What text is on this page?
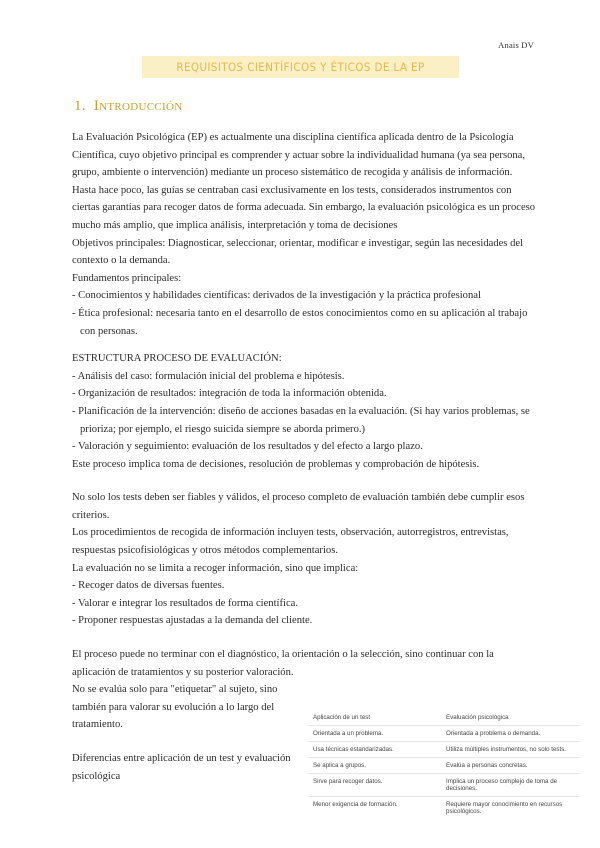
Anais DV
REQUISITOS CIENTÍFICOS Y ÉTICOS DE LA EP
1. Introducción

La Evaluación Psicológica (EP) es actualmente una disciplina científica aplicada dentro de la Psicología Científica, cuyo objetivo principal es comprender y actuar sobre la individualidad humana (ya sea persona, grupo, ambiente o intervención) mediante un proceso sistemático de recogida y análisis de información.

Hasta hace poco, las guías se centraban casi exclusivamente en los tests, considerados instrumentos con ciertas garantías para recoger datos de forma adecuada. Sin embargo, la evaluación psicológica es un proceso mucho más amplio, que implica análisis, interpretación y toma de decisiones

Objetivos principales: Diagnosticar, seleccionar, orientar, modificar e investigar, según las necesidades del contexto o la demanda.

Fundamentos principales:

- Conocimientos y habilidades científicas: derivados de la investigación y la práctica profesional

- Ética profesional: necesaria tanto en el desarrollo de estos conocimientos como en su aplicación al trabajo con personas.

ESTRUCTURA PROCESO DE EVALUACIÓN:

- Análisis del caso: formulación inicial del problema e hipótesis.

- Organización de resultados: integración de toda la información obtenida.

- Planificación de la intervención: diseño de acciones basadas en la evaluación. (Si hay varios problemas, se prioriza; por ejemplo, el riesgo suicida siempre se aborda primero.)

- Valoración y seguimiento: evaluación de los resultados y del efecto a largo plazo.

Este proceso implica toma de decisiones, resolución de problemas y comprobación de hipótesis.

No solo los tests deben ser fiables y válidos, el proceso completo de evaluación también debe cumplir esos criterios.

Los procedimientos de recogida de información incluyen tests, observación, autorregistros, entrevistas, respuestas psicofisiológicas y otros métodos complementarios.

La evaluación no se limita a recoger información, sino que implica:

- Recoger datos de diversas fuentes.

- Valorar e integrar los resultados de forma científica.

- Proponer respuestas ajustadas a la demanda del cliente.

El proceso puede no terminar con el diagnóstico, la orientación o la selección, sino continuar con la aplicación de tratamientos y su posterior valoración.

No se evalúa solo para "etiquetar" al sujeto, sino también para valorar su evolución a lo largo del tratamiento.

Diferencias entre aplicación de un test y evaluación psicológica

Aplicación de un test	Evaluación psicológica
Orientada a un problema.	Orientada a problema o demanda.
Usa técnicas estandarizadas.	Utiliza múltiples instrumentos, no solo tests.
Se aplica a grupos.	Evalúa a personas concretas.
Sirve para recoger datos.	Implica un proceso complejo de toma de decisiones.
Menor exigencia de formación.	Requiere mayor conocimiento en recursos psicológicos.
